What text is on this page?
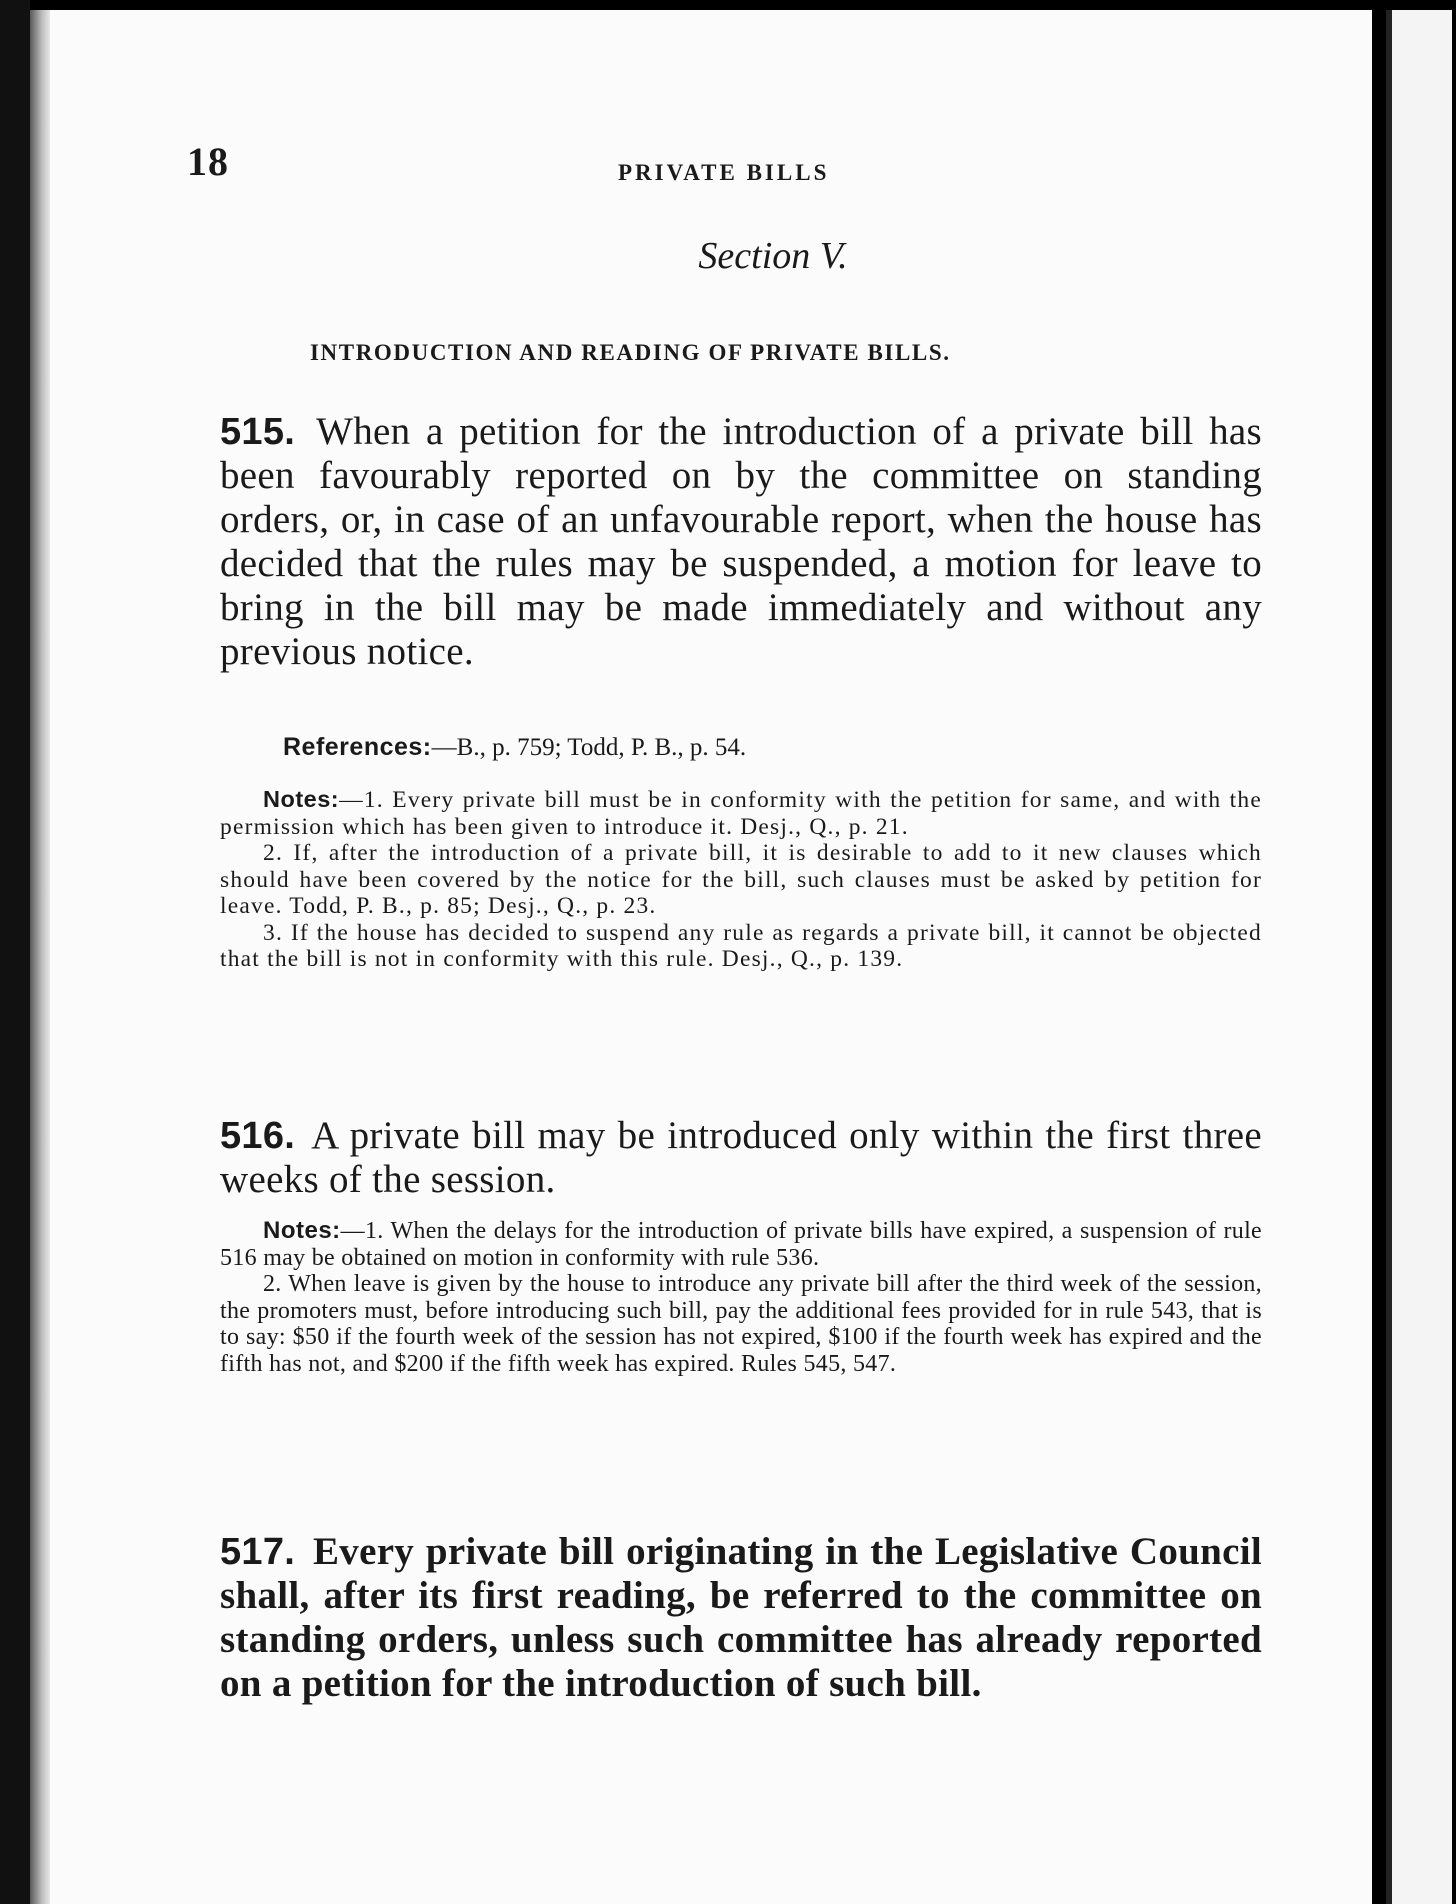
18	PRIVATE BILLS
Section V.
INTRODUCTION AND READING OF PRIVATE BILLS.
515. When a petition for the introduction of a private bill has been favourably reported on by the committee on standing orders, or, in case of an unfavourable report, when the house has decided that the rules may be suspended, a motion for leave to bring in the bill may be made immediately and without any previous notice.
References:—B., p. 759; Todd, P. B., p. 54.

Notes:—1. Every private bill must be in conformity with the petition for same, and with the permission which has been given to introduce it. Desj., Q., p. 21.

2. If, after the introduction of a private bill, it is desirable to add to it new clauses which should have been covered by the notice for the bill, such clauses must be asked by petition for leave. Todd, P. B., p. 85; Desj., Q., p. 23.

3. If the house has decided to suspend any rule as regards a private bill, it cannot be objected that the bill is not in conformity with this rule. Desj., Q., p. 139.

516. A private bill may be introduced only within the first three weeks of the session.

Notes:—1. When the delays for the introduction of private bills have expired, a suspension of rule 516 may be obtained on motion in conformity with rule 536.

2. When leave is given by the house to introduce any private bill after the third week of the session, the promoters must, before introducing such bill, pay the additional fees provided for in rule 543, that is to say: $50 if the fourth week of the session has not expired, $100 if the fourth week has expired and the fifth has not, and $200 if the fifth week has expired. Rules 545, 547.

517. Every private bill originating in the Legislative Council shall, after its first reading, be referred to the committee on standing orders, unless such committee has already reported on a petition for the introduction of such bill.
